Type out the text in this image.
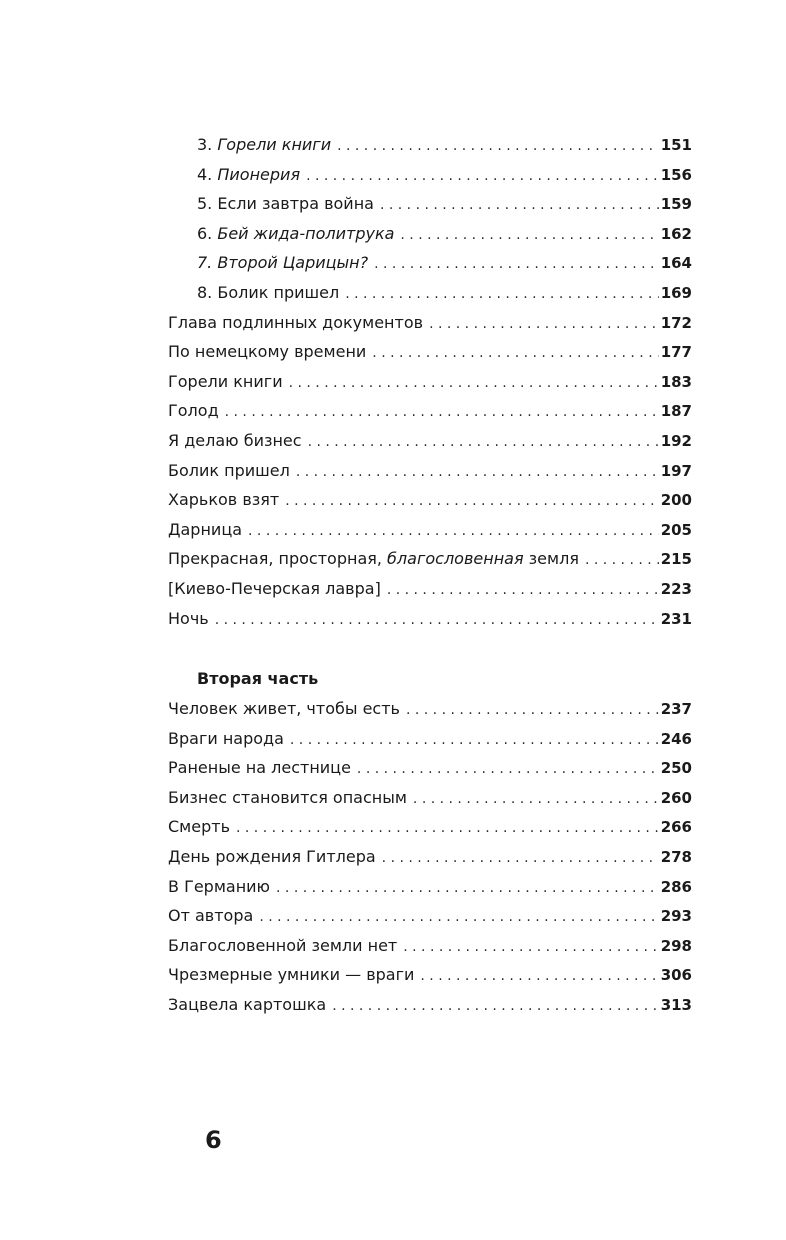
3. Горели книги . . .	151
4. Пионерия . . .	156
5. Если завтра война . . .	159
6. Бей жида-политрука . . .	162
7. Второй Царицын? . . .	164
8. Болик пришел . . .	169
Глава подлинных документов . . .	172
По немецкому времени . . .	177
Горели книги . . .	183
Голод . . .	187
Я делаю бизнес . . .	192
Болик пришел . . .	197
Харьков взят . . .	200
Дарница . . .	205
Прекрасная, просторная, благословенная земля . . .	215
[Киево-Печерская лавра] . . .	223
Ночь . . .	231
Вторая часть
Человек живет, чтобы есть . . .	237
Враги народа . . .	246
Раненые на лестнице . . .	250
Бизнес становится опасным . . .	260
Смерть . . .	266
День рождения Гитлера . . .	278
В Германию . . .	286
От автора . . .	293
Благословенной земли нет . . .	298
Чрезмерные умники — враги . . .	306
Зацвела картошка . . .	313
6
